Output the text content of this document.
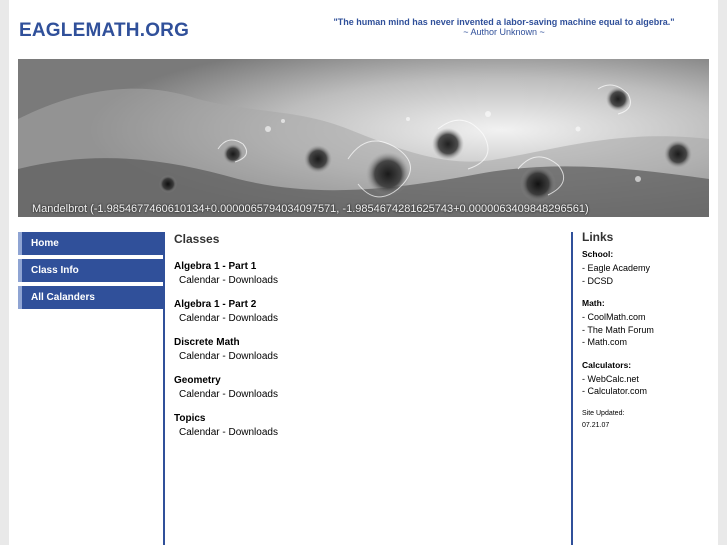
EAGLEMATH.ORG	"The human mind has never invented a labor-saving machine equal to algebra."
~ Author Unknown ~
Mandelbrot (-1.9854677460610134+0.0000065794034097571, -1.9854674281625743+0.0000063409848296561)
Home
Class Info
All Calanders
Classes
Algebra 1 - Part 1
Calendar - Downloads
Algebra 1 - Part 2
Calendar - Downloads
Discrete Math
Calendar - Downloads
Geometry
Calendar - Downloads
Topics
Calendar - Downloads
Links
School:
- Eagle Academy
- DCSD
Math:
- CoolMath.com
- The Math Forum
- Math.com
Calculators:
- WebCalc.net
- Calculator.com
Site Updated:
07.21.07
